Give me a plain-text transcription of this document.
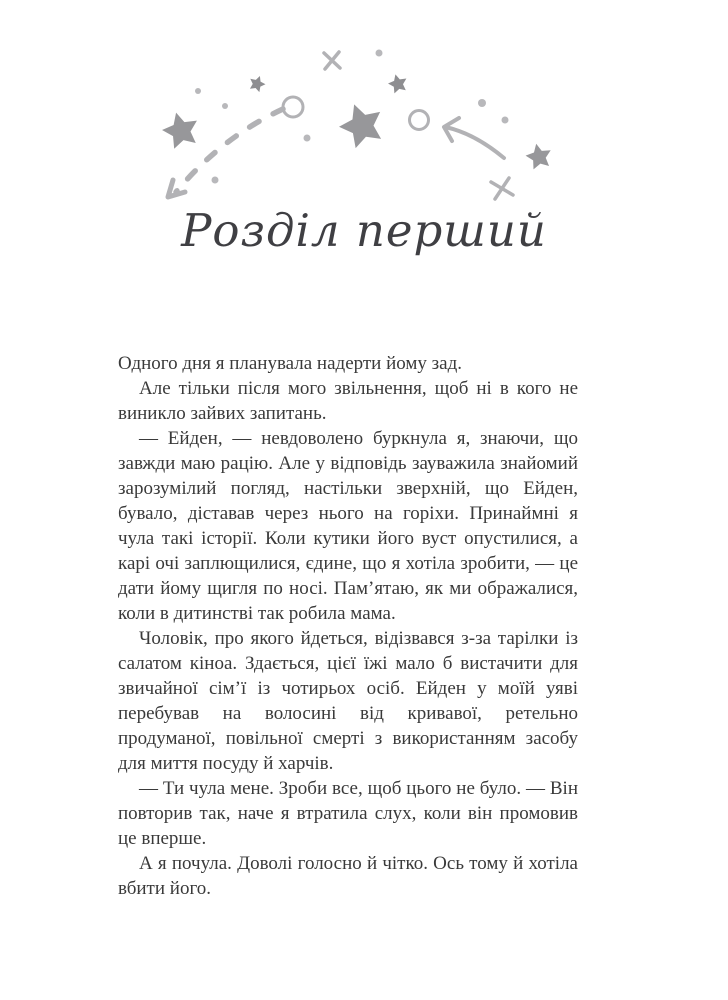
Розділ перший

Одного дня я планувала надерти йому зад.

Але тільки після мого звільнення, щоб ні в кого не виникло зайвих запитань.

— Ейден, — невдоволено буркнула я, знаючи, що завжди маю рацію. Але у відповідь зауважила знайомий зарозумілий погляд, настільки зверхній, що Ейден, бувало, діставав через нього на горіхи. Принаймні я чула такі історії. Коли кутики його вуст опустилися, а карі очі заплющилися, єдине, що я хотіла зробити, — це дати йому щигля по носі. Пам’ятаю, як ми ображалися, коли в дитинстві так робила мама.

Чоловік, про якого йдеться, відізвався з-за тарілки із салатом кіноа. Здається, цієї їжі мало б вистачити для звичайної сім’ї із чотирьох осіб. Ейден у моїй уяві перебував на волосині від кривавої, ретельно продуманої, повільної смерті з використанням засобу для миття посуду й харчів.

— Ти чула мене. Зроби все, щоб цього не було. — Він повторив так, наче я втратила слух, коли він промовив це вперше.

А я почула. Доволі голосно й чітко. Ось тому й хотіла вбити його.
